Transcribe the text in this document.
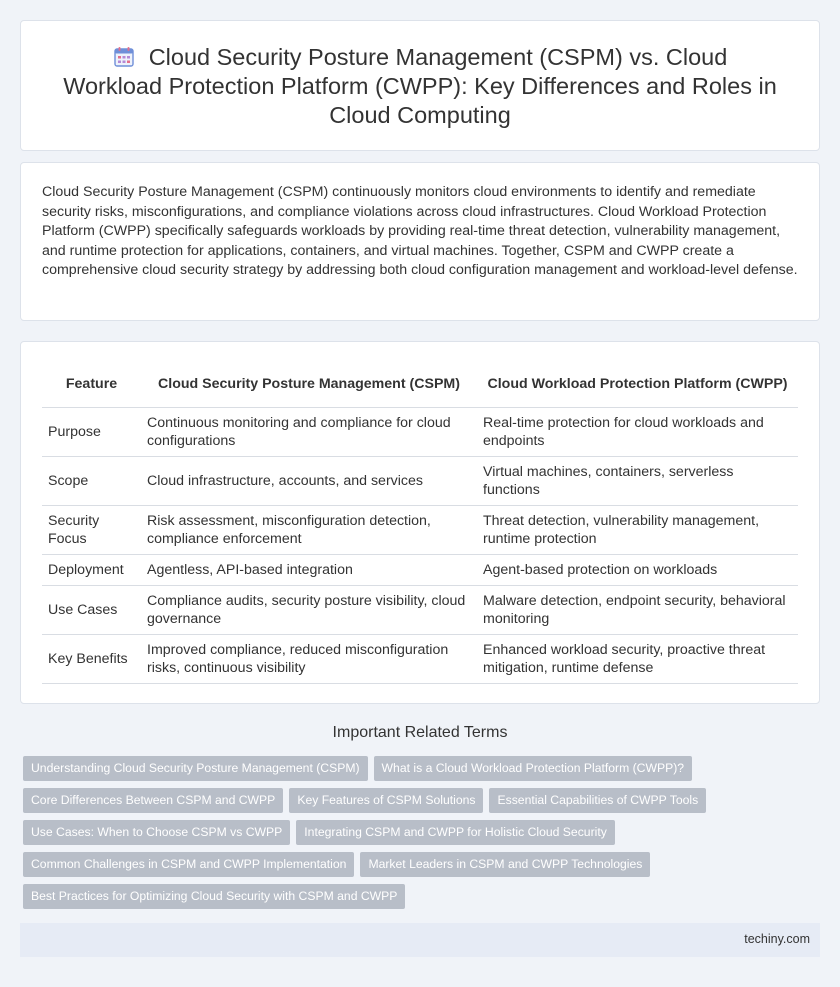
Cloud Security Posture Management (CSPM) vs. Cloud Workload Protection Platform (CWPP): Key Differences and Roles in Cloud Computing

Cloud Security Posture Management (CSPM) continuously monitors cloud environments to identify and remediate security risks, misconfigurations, and compliance violations across cloud infrastructures. Cloud Workload Protection Platform (CWPP) specifically safeguards workloads by providing real-time threat detection, vulnerability management, and runtime protection for applications, containers, and virtual machines. Together, CSPM and CWPP create a comprehensive cloud security strategy by addressing both cloud configuration management and workload-level defense.

Feature	Cloud Security Posture Management (CSPM)	Cloud Workload Protection Platform (CWPP)
Purpose	Continuous monitoring and compliance for cloud configurations	Real-time protection for cloud workloads and endpoints
Scope	Cloud infrastructure, accounts, and services	Virtual machines, containers, serverless functions
Security Focus	Risk assessment, misconfiguration detection, compliance enforcement	Threat detection, vulnerability management, runtime protection
Deployment	Agentless, API-based integration	Agent-based protection on workloads
Use Cases	Compliance audits, security posture visibility, cloud governance	Malware detection, endpoint security, behavioral monitoring
Key Benefits	Improved compliance, reduced misconfiguration risks, continuous visibility	Enhanced workload security, proactive threat mitigation, runtime defense
Important Related Terms
Understanding Cloud Security Posture Management (CSPM) What is a Cloud Workload Protection Platform (CWPP)?
Core Differences Between CSPM and CWPP Key Features of CSPM Solutions Essential Capabilities of CWPP Tools
Use Cases: When to Choose CSPM vs CWPP Integrating CSPM and CWPP for Holistic Cloud Security
Common Challenges in CSPM and CWPP Implementation Market Leaders in CSPM and CWPP Technologies
Best Practices for Optimizing Cloud Security with CSPM and CWPP
techiny.com
